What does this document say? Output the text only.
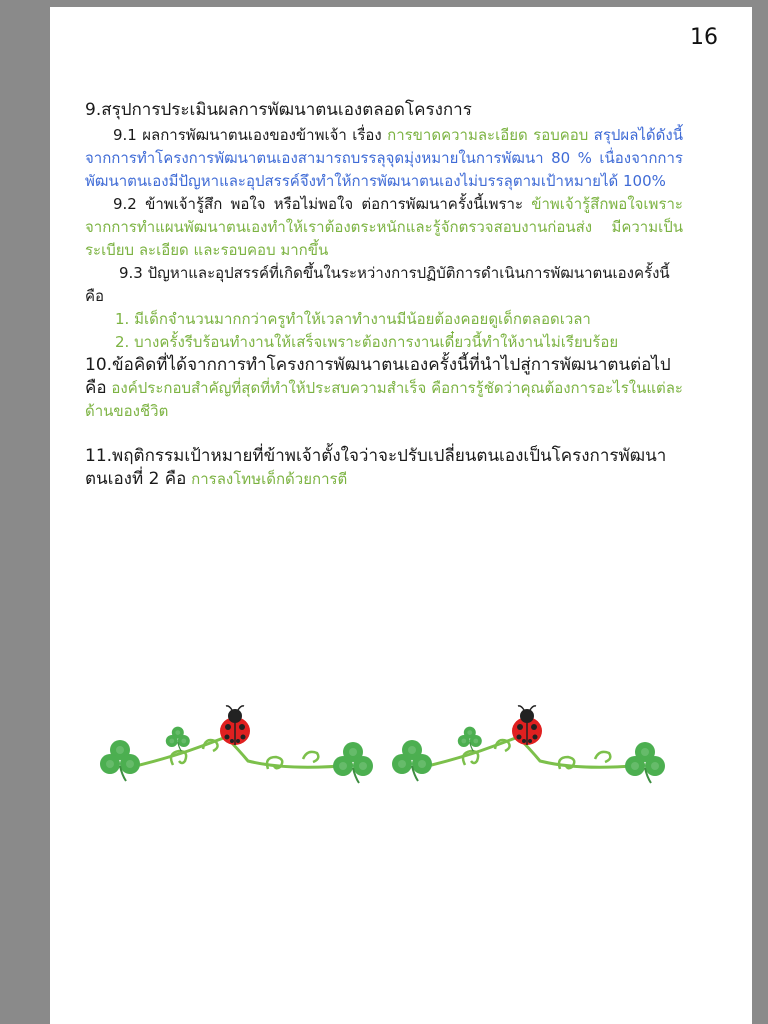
16
9.สรุปการประเมินผลการพัฒนาตนเองตลอดโครงการ
9.1 ผลการพัฒนาตนเองของข้าพเจ้า เรื่อง การขาดความละเอียด รอบคอบ สรุปผลได้ดังนี้ จากการทำโครงการพัฒนาตนเองสามารถบรรลุจุดมุ่งหมายในการพัฒนา 80 % เนื่องจากการพัฒนาตนเองมีปัญหาและอุปสรรค์จึงทำให้การพัฒนาตนเองไม่บรรลุตามเป้าหมายได้ 100%
9.2 ข้าพเจ้ารู้สึก พอใจ หรือไม่พอใจ ต่อการพัฒนาครั้งนี้เพราะ ข้าพเจ้ารู้สึกพอใจเพราะ จากการทำแผนพัฒนาตนเองทำให้เราต้องตระหนักและรู้จักตรวจสอบงานก่อนส่ง มีความเป็นระเบียบ ละเอียด และรอบคอบ มากขึ้น
9.3 ปัญหาและอุปสรรค์ที่เกิดขึ้นในระหว่างการปฏิบัติการดำเนินการพัฒนาตนเองครั้งนี้ คือ
1. มีเด็กจำนวนมากกว่าครูทำให้เวลาทำงานมีน้อยต้องคอยดูเด็กตลอดเวลา
2. บางครั้งรีบร้อนทำงานให้เสร็จเพราะต้องการงานเดี๋ยวนี้ทำให้งานไม่เรียบร้อย
10.ข้อคิดที่ได้จากการทำโครงการพัฒนาตนเองครั้งนี้ที่นำไปสู่การพัฒนาตนต่อไป คือ องค์ประกอบสำคัญที่สุดที่ทำให้ประสบความสำเร็จ คือการรู้ชัดว่าคุณต้องการอะไรในแต่ละด้านของชีวิต
11.พฤติกรรมเป้าหมายที่ข้าพเจ้าตั้งใจว่าจะปรับเปลี่ยนตนเองเป็นโครงการพัฒนาตนเองที่ 2 คือ การลงโทษเด็กด้วยการตี
